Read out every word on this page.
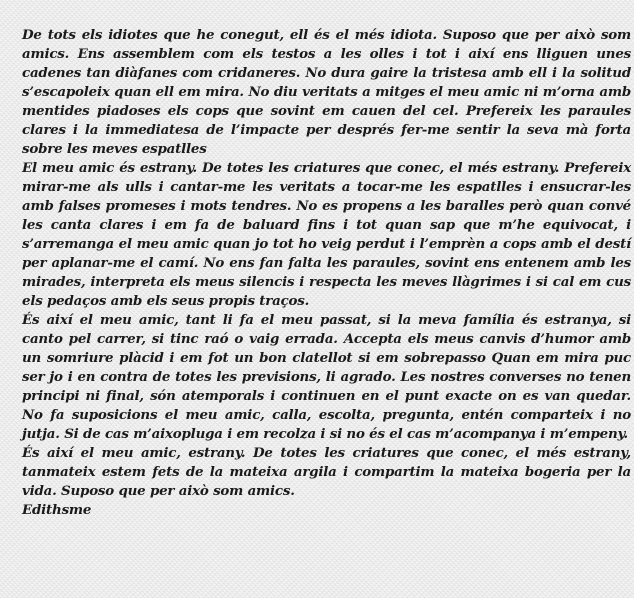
De tots els idiotes que he conegut, ell és el més idiota. Suposo que per això som amics. Ens assemblem com els testos a les olles i tot i així ens lliguen unes cadenes tan diàfanes com cridaneres. No dura gaire la tristesa amb ell i la solitud s’escapoleix quan ell em mira. No diu veritats a mitges el meu amic ni m’orna amb mentides piadoses els cops que sovint em cauen del cel. Prefereix les paraules clares i la immediatesa de l’impacte per després fer-me sentir la seva mà forta sobre les meves espatlles

El meu amic és estrany. De totes les criatures que conec, el més estrany. Prefereix mirar-me als ulls i cantar-me les veritats a tocar-me les espatlles i ensucrar-les amb falses promeses i mots tendres. No es propens a les baralles però quan convé les canta clares i em fa de baluard fins i tot quan sap que m’he equivocat, i s’arremanga el meu amic quan jo tot ho veig perdut i l’emprèn a cops amb el destí per aplanar-me el camí. No ens fan falta les paraules, sovint ens entenem amb les mirades, interpreta els meus silencis i respecta les meves llàgrimes i si cal em cus els pedaços amb els seus propis traços.

És així el meu amic, tant li fa el meu passat, si la meva família és estranya, si canto pel carrer, si tinc raó o vaig errada. Accepta els meus canvis d’humor amb un somriure plàcid i em fot un bon clatellot si em sobrepasso Quan em mira puc ser jo i en contra de totes les previsions, li agrado. Les nostres converses no tenen principi ni final, són atemporals i continuen en el punt exacte on es van quedar. No fa suposicions el meu amic, calla, escolta, pregunta, entén comparteix i no jutja. Si de cas m’aixopluga i em recolza i si no és el cas m’acompanya i m’empeny.

És així el meu amic, estrany. De totes les criatures que conec, el més estrany, tanmateix estem fets de la mateixa argila i compartim la mateixa bogeria per la vida. Suposo que per això som amics.

Edithsme
